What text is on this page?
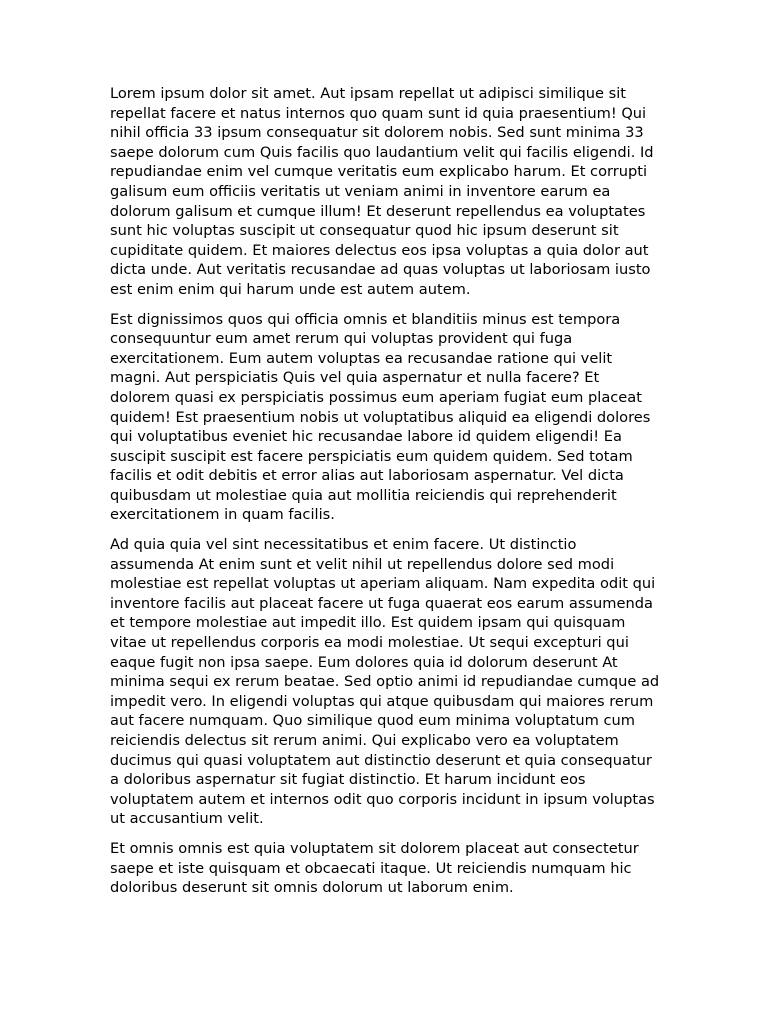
Lorem ipsum dolor sit amet. Aut ipsam repellat ut adipisci similique sit repellat facere et natus internos quo quam sunt id quia praesentium! Qui nihil officia 33 ipsum consequatur sit dolorem nobis. Sed sunt minima 33 saepe dolorum cum Quis facilis quo laudantium velit qui facilis eligendi. Id repudiandae enim vel cumque veritatis eum explicabo harum. Et corrupti galisum eum officiis veritatis ut veniam animi in inventore earum ea dolorum galisum et cumque illum! Et deserunt repellendus ea voluptates sunt hic voluptas suscipit ut consequatur quod hic ipsum deserunt sit cupiditate quidem. Et maiores delectus eos ipsa voluptas a quia dolor aut dicta unde. Aut veritatis recusandae ad quas voluptas ut laboriosam iusto est enim enim qui harum unde est autem autem.

Est dignissimos quos qui officia omnis et blanditiis minus est tempora consequuntur eum amet rerum qui voluptas provident qui fuga exercitationem. Eum autem voluptas ea recusandae ratione qui velit magni. Aut perspiciatis Quis vel quia aspernatur et nulla facere? Et dolorem quasi ex perspiciatis possimus eum aperiam fugiat eum placeat quidem! Est praesentium nobis ut voluptatibus aliquid ea eligendi dolores qui voluptatibus eveniet hic recusandae labore id quidem eligendi! Ea suscipit suscipit est facere perspiciatis eum quidem quidem. Sed totam facilis et odit debitis et error alias aut laboriosam aspernatur. Vel dicta quibusdam ut molestiae quia aut mollitia reiciendis qui reprehenderit exercitationem in quam facilis.

Ad quia quia vel sint necessitatibus et enim facere. Ut distinctio assumenda At enim sunt et velit nihil ut repellendus dolore sed modi molestiae est repellat voluptas ut aperiam aliquam. Nam expedita odit qui inventore facilis aut placeat facere ut fuga quaerat eos earum assumenda et tempore molestiae aut impedit illo. Est quidem ipsam qui quisquam vitae ut repellendus corporis ea modi molestiae. Ut sequi excepturi qui eaque fugit non ipsa saepe. Eum dolores quia id dolorum deserunt At minima sequi ex rerum beatae. Sed optio animi id repudiandae cumque ad impedit vero. In eligendi voluptas qui atque quibusdam qui maiores rerum aut facere numquam. Quo similique quod eum minima voluptatum cum reiciendis delectus sit rerum animi. Qui explicabo vero ea voluptatem ducimus qui quasi voluptatem aut distinctio deserunt et quia consequatur a doloribus aspernatur sit fugiat distinctio. Et harum incidunt eos voluptatem autem et internos odit quo corporis incidunt in ipsum voluptas ut accusantium velit.

Et omnis omnis est quia voluptatem sit dolorem placeat aut consectetur saepe et iste quisquam et obcaecati itaque. Ut reiciendis numquam hic doloribus deserunt sit omnis dolorum ut laborum enim.
